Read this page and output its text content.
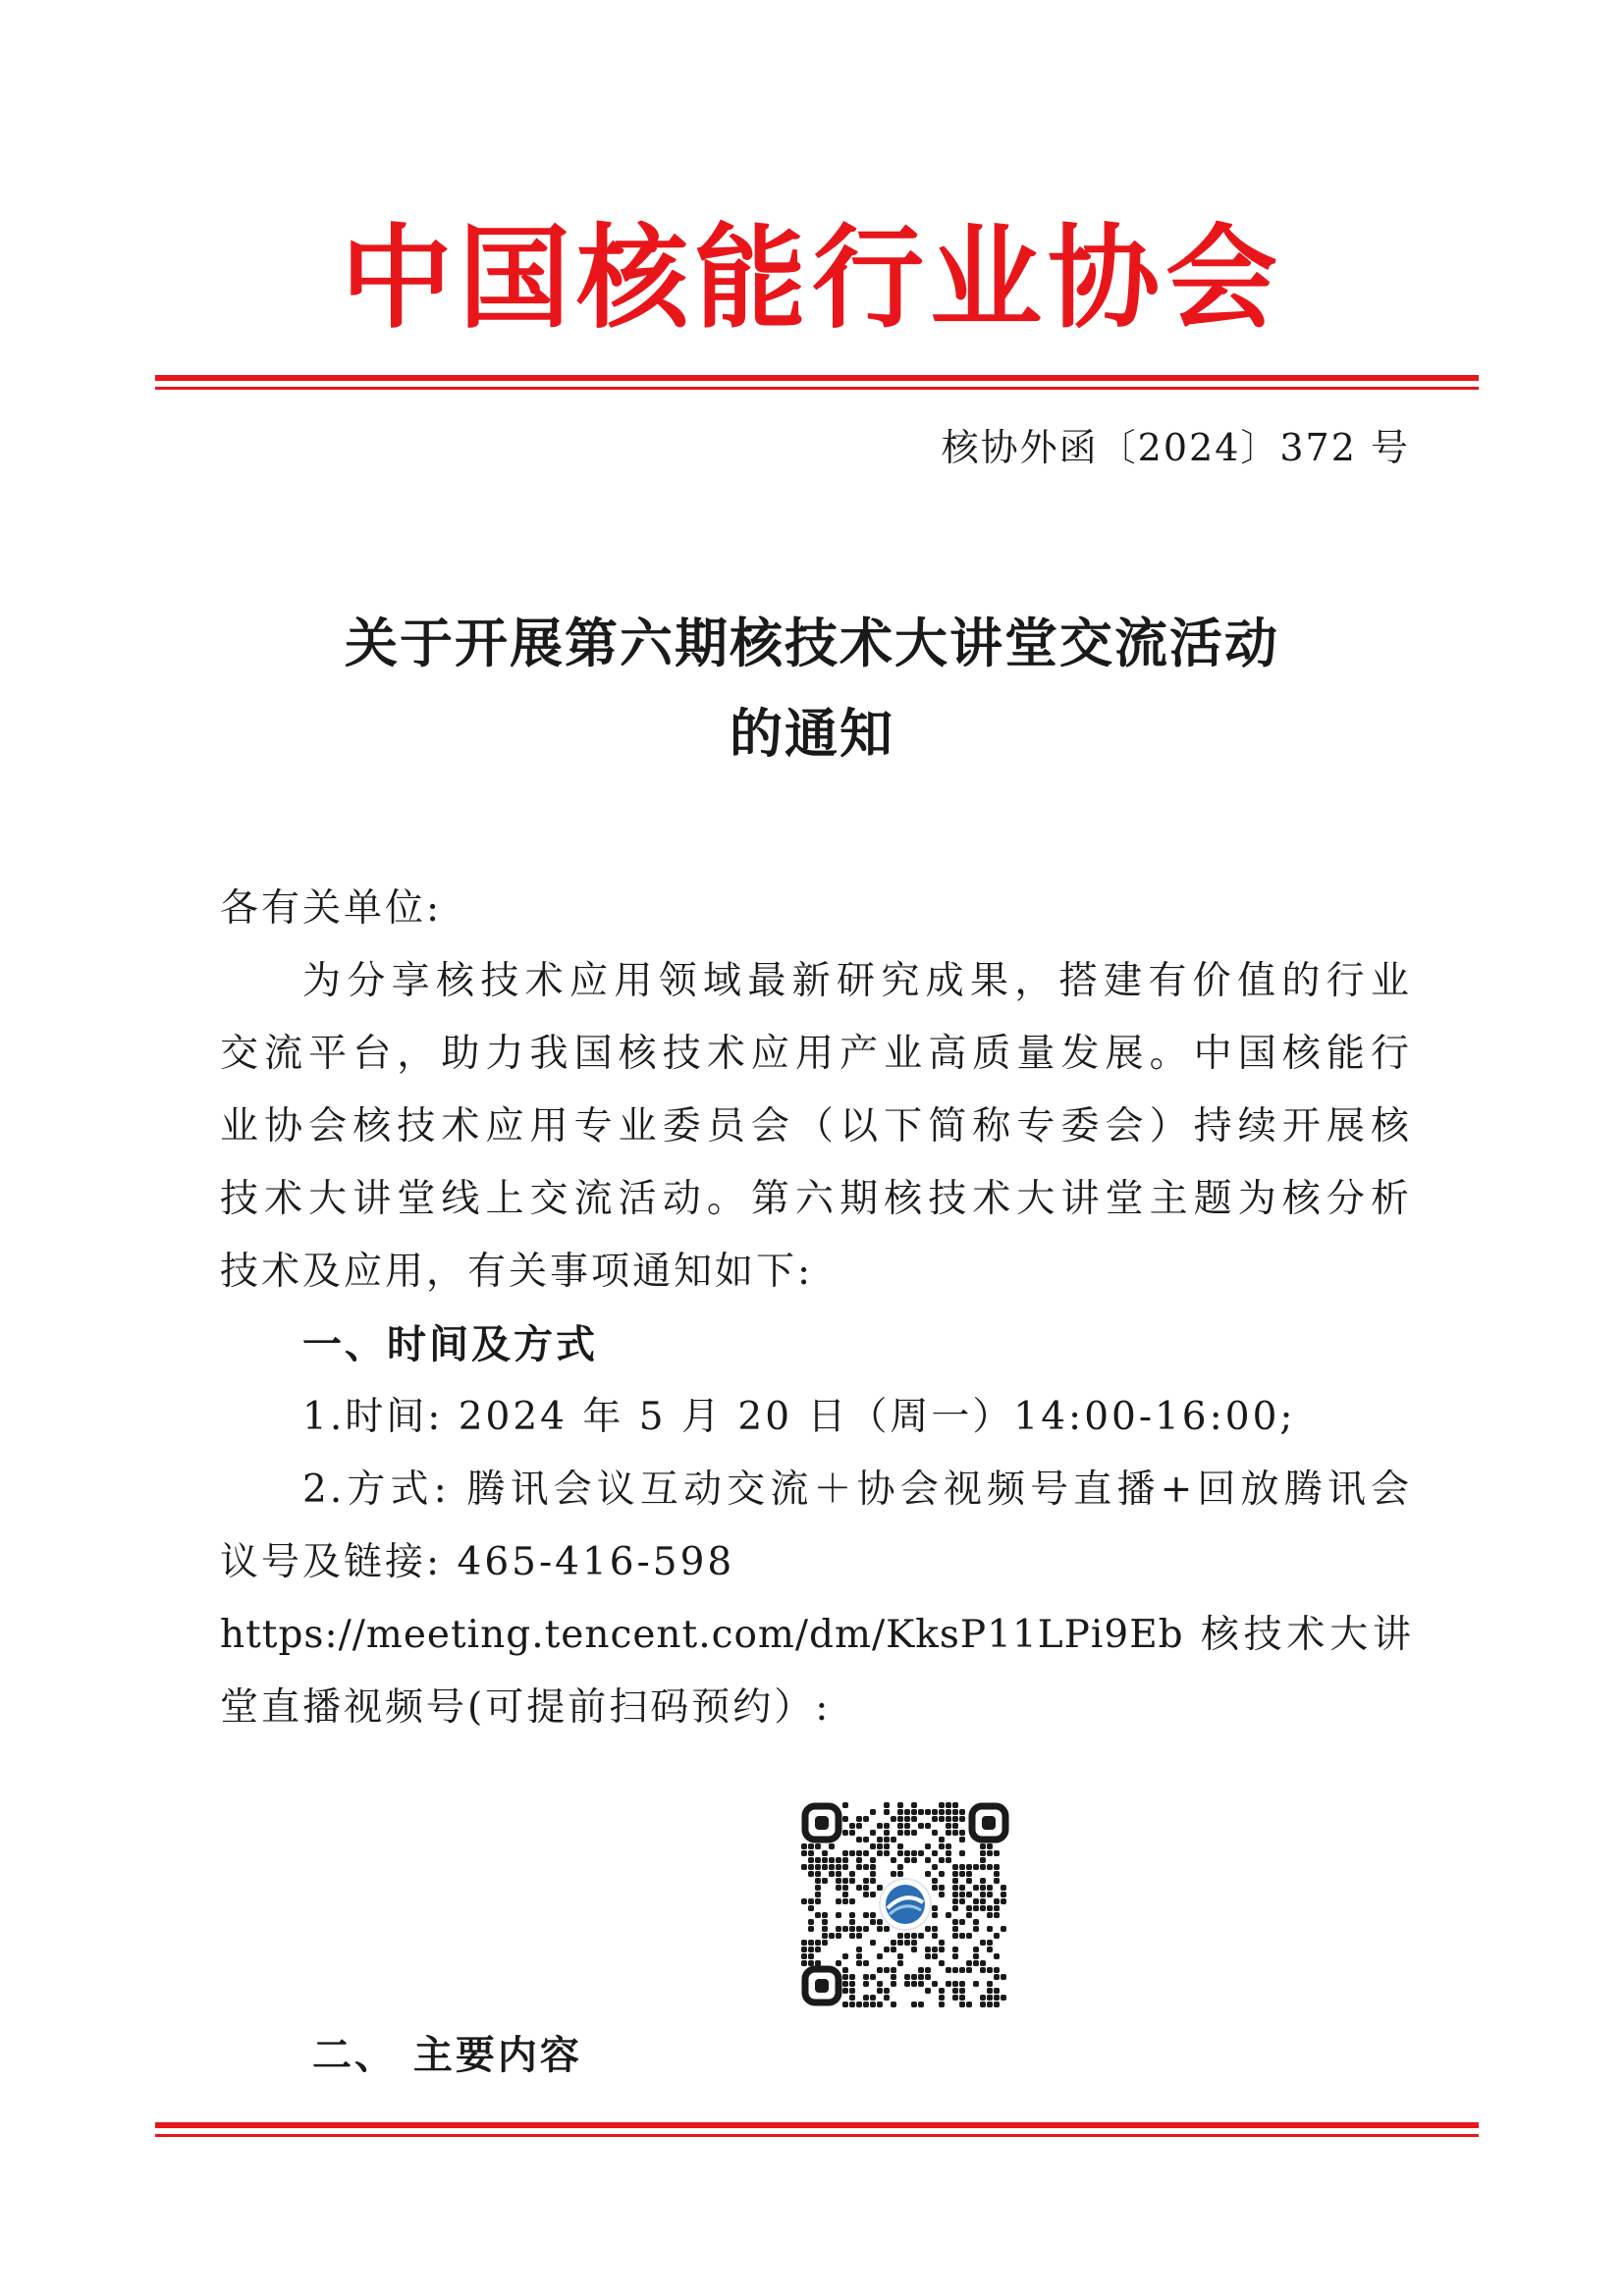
中国核能行业协会
核协外函〔2024〕372 号
关于开展第六期核技术大讲堂交流活动
的通知
各有关单位:
为分享核技术应用领域最新研究成果，搭建有价值的行业
交流平台，助力我国核技术应用产业高质量发展。中国核能行
业协会核技术应用专业委员会（以下简称专委会）持续开展核
技术大讲堂线上交流活动。第六期核技术大讲堂主题为核分析
技术及应用，有关事项通知如下:
一、时间及方式
1.时间: 2024 年 5 月 20 日（周一）14:00-16:00;
2.方式: 腾讯会议互动交流＋协会视频号直播+回放腾讯会
议号及链接: 465-416-598
https://meeting.tencent.com/dm/KksP11LPi9Eb 核技术大讲
堂直播视频号(可提前扫码预约）:
二、 主要内容
